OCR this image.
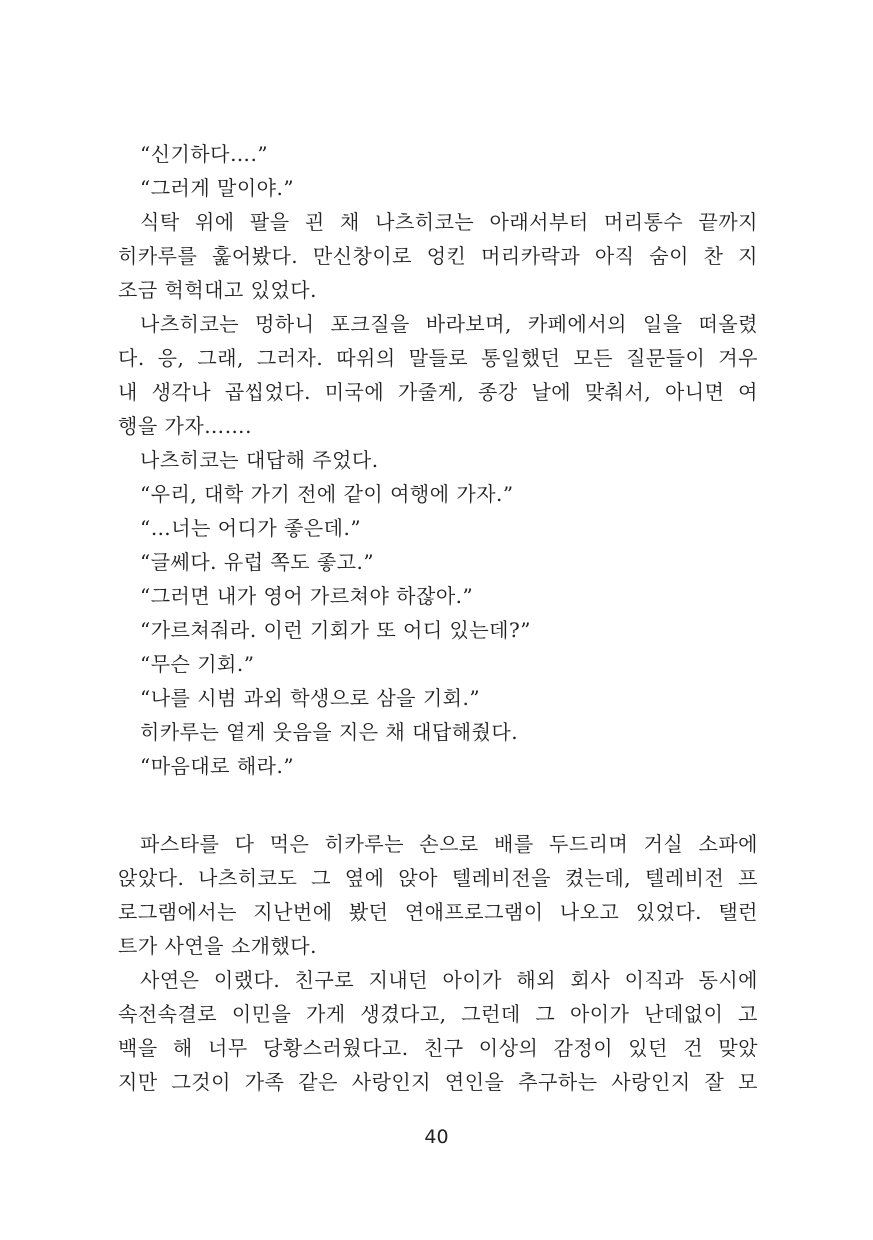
“신기하다….”
“그러게 말이야.”
식탁 위에 팔을 괸 채 나츠히코는 아래서부터 머리통수 끝까지
히카루를 훑어봤다. 만신창이로 엉킨 머리카락과 아직 숨이 찬 지
조금 헉헉대고 있었다.
나츠히코는 멍하니 포크질을 바라보며, 카페에서의 일을 떠올렸
다. 응, 그래, 그러자. 따위의 말들로 통일했던 모든 질문들이 겨우
내 생각나 곱씹었다. 미국에 가줄게, 종강 날에 맞춰서, 아니면 여
행을 가자…….
나츠히코는 대답해 주었다.
“우리, 대학 가기 전에 같이 여행에 가자.”
“…너는 어디가 좋은데.”
“글쎄다. 유럽 쪽도 좋고.”
“그러면 내가 영어 가르쳐야 하잖아.”
“가르쳐줘라. 이런 기회가 또 어디 있는데?”
“무슨 기회.”
“나를 시범 과외 학생으로 삼을 기회.”
히카루는 옅게 웃음을 지은 채 대답해줬다.
“마음대로 해라.”
파스타를 다 먹은 히카루는 손으로 배를 두드리며 거실 소파에
앉았다. 나츠히코도 그 옆에 앉아 텔레비전을 켰는데, 텔레비전 프
로그램에서는 지난번에 봤던 연애프로그램이 나오고 있었다. 탤런
트가 사연을 소개했다.
사연은 이랬다. 친구로 지내던 아이가 해외 회사 이직과 동시에
속전속결로 이민을 가게 생겼다고, 그런데 그 아이가 난데없이 고
백을 해 너무 당황스러웠다고. 친구 이상의 감정이 있던 건 맞았
지만 그것이 가족 같은 사랑인지 연인을 추구하는 사랑인지 잘 모
40
